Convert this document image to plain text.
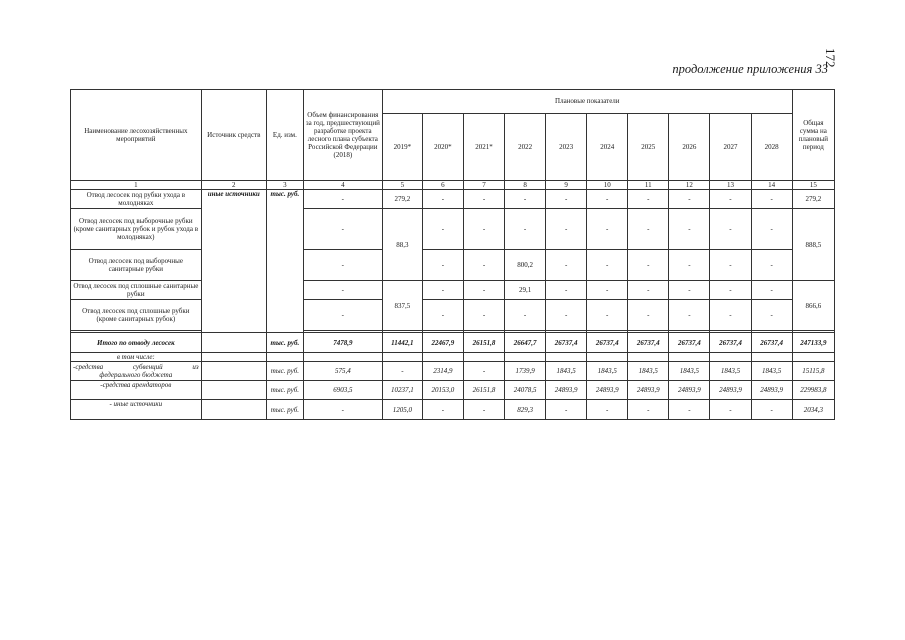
172
продолжение приложения 33
Наименование лесохозяйственных мероприятий	Источник средств	Ед. изм.	Объем финансирования за год, предшествующий разработке проекта лесного плана субъекта Российской Федерации (2018)	Плановые показатели										Общая сумма на плановый период
				2019*	2020*	2021*	2022	2023	2024	2025	2026	2027	2028	
1	2	3	4	5	6	7	8	9	10	11	12	13	14	15
Отвод лесосек под рубки ухода в молодняках	иные источники	тыс. руб.	-	279,2	-	-	-	-	-	-	-	-	-	279,2
Отвод лесосек под выборочные рубки (кроме санитарных рубок и рубок ухода в молодняках)			-	88,3	-	-	-	-	-	-	-	-	-	888,5
Отвод лесосек под выборочные санитарные рубки			-		-	-	800,2	-	-	-	-	-	-	
Отвод лесосек под сплошные санитарные рубки			-	837,5	-	-	29,1	-	-	-	-	-	-	866,6
Отвод лесосек под сплошные рубки (кроме санитарных рубок)			-		-	-	-	-	-	-	-	-	-	

Итого по отводу лесосек		тыс. руб.	7478,9	11442,1	22467,9	26151,8	26647,7	26737,4	26737,4	26737,4	26737,4	26737,4	26737,4	247133,9
в том числе:														

-средства субвенций из
федерального бюджета		тыс. руб.	575,4	-	2314,9	-	1739,9	1843,5	1843,5	1843,5	1843,5	1843,5	1843,5	15115,8
-средства арендаторов		тыс. руб.	6903,5	10237,1	20153,0	26151,8	24078,5	24893,9	24893,9	24893,9	24893,9	24893,9	24893,9	229983,8
- иные источники		тыс. руб.	-	1205,0	-	-	829,3	-	-	-	-	-	-	2034,3
